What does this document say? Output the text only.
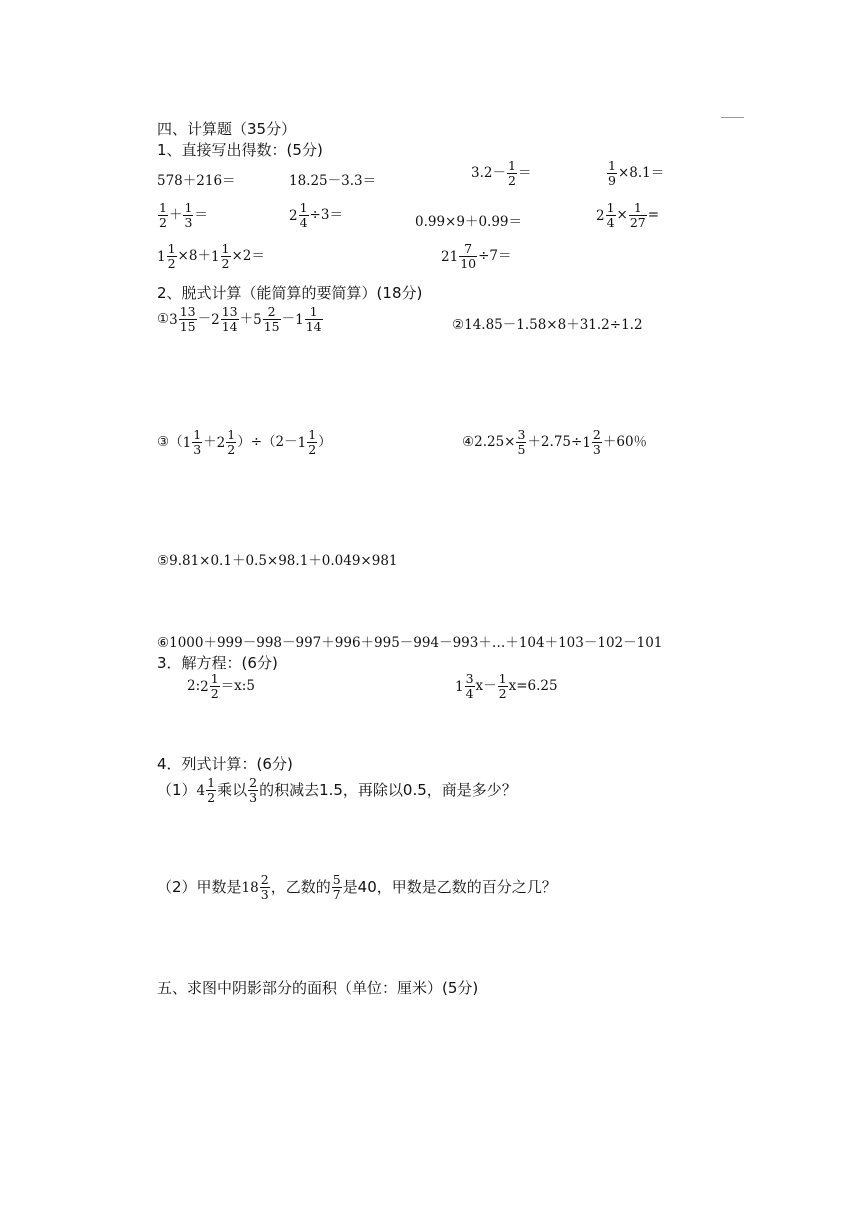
四、计算题（35分）
1、直接写出得数：(5分)
578＋216＝	18.25－3.3＝	$3.2- \frac{1}{2}$ ＝	$\frac{1}{9} \times 8.1=$
$\frac{1}{2} + \frac{1}{3}$ ＝	$2 \frac{1}{4} \div 3=$	0.99×9＋0.99＝	$2 \frac{1}{4} \times \frac{1}{27}$ =
$1 \frac{1}{2} \times 8+1 \frac{1}{2} \times 2=$	$21 \frac{7}{10} \div 7=$
2、脱式计算（能简算的要简算）(18分)
①3 $\frac{13}{15} -2 \frac{13}{14} +5 \frac{2}{15} -1 \frac{1}{14}$	②14.85－1.58×8＋31.2÷1.2
③（1 $\frac{1}{3} +2 \frac{1}{2} )\div(2-1 \frac{1}{2}$ ）	④2.25× $\frac{3}{5} +2.75\div 1 \frac{2}{3} +60$％
⑤9.81×0.1＋0.5×98.1＋0.049×981
⑥1000＋999－998－997＋996＋995－994－993＋…＋104＋103－102－101
3．解方程：(6分)
2:2 $\frac{1}{2}$ ＝x:5	$1 \frac{3}{4} x- \frac{1}{2} x=6.25$
4．列式计算：(6分)
$(1)4 \frac{1}{2}$ 乘以 $\frac{2}{3}$ 的积减去1.5，再除以0.5，商是多少？
（2）甲数是$18 \frac{2}{3}$ ，乙数的 $\frac{5}{7}$ 是40，甲数是乙数的百分之几？
五、求图中阴影部分的面积（单位：厘米）(5分)
